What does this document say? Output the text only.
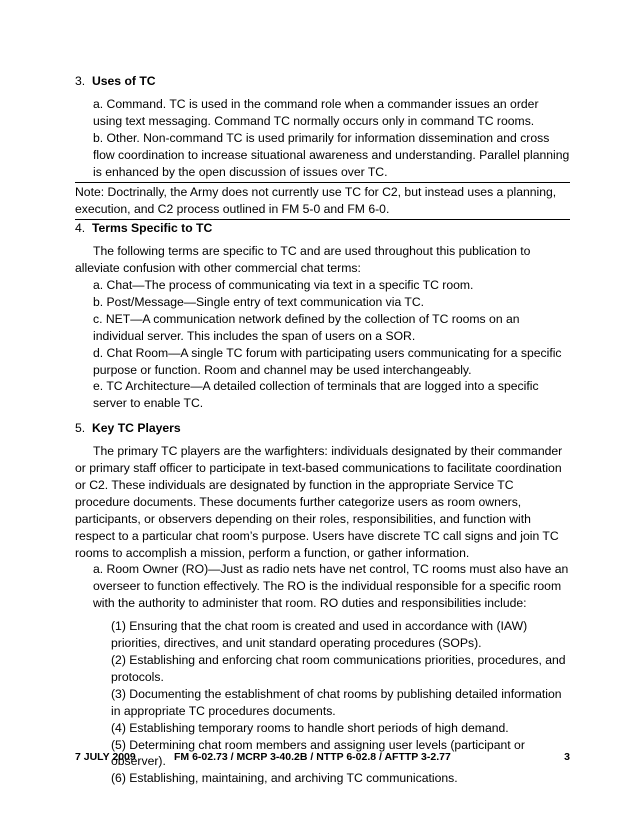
3. Uses of TC

a. Command. TC is used in the command role when a commander issues an order using text messaging. Command TC normally occurs only in command TC rooms.

b. Other. Non-command TC is used primarily for information dissemination and cross flow coordination to increase situational awareness and understanding. Parallel planning is enhanced by the open discussion of issues over TC.

Note: Doctrinally, the Army does not currently use TC for C2, but instead uses a planning, execution, and C2 process outlined in FM 5-0 and FM 6-0.

4. Terms Specific to TC

The following terms are specific to TC and are used throughout this publication to alleviate confusion with other commercial chat terms:

a. Chat—The process of communicating via text in a specific TC room.

b. Post/Message—Single entry of text communication via TC.

c. NET—A communication network defined by the collection of TC rooms on an individual server. This includes the span of users on a SOR.

d. Chat Room—A single TC forum with participating users communicating for a specific purpose or function. Room and channel may be used interchangeably.

e. TC Architecture—A detailed collection of terminals that are logged into a specific server to enable TC.

5. Key TC Players

The primary TC players are the warfighters: individuals designated by their commander or primary staff officer to participate in text-based communications to facilitate coordination or C2. These individuals are designated by function in the appropriate Service TC procedure documents. These documents further categorize users as room owners, participants, or observers depending on their roles, responsibilities, and function with respect to a particular chat room’s purpose. Users have discrete TC call signs and join TC rooms to accomplish a mission, perform a function, or gather information.

a. Room Owner (RO)—Just as radio nets have net control, TC rooms must also have an overseer to function effectively. The RO is the individual responsible for a specific room with the authority to administer that room. RO duties and responsibilities include:

(1) Ensuring that the chat room is created and used in accordance with (IAW) priorities, directives, and unit standard operating procedures (SOPs).

(2) Establishing and enforcing chat room communications priorities, procedures, and protocols.

(3) Documenting the establishment of chat rooms by publishing detailed information in appropriate TC procedures documents.

(4) Establishing temporary rooms to handle short periods of high demand.

(5) Determining chat room members and assigning user levels (participant or observer).

(6) Establishing, maintaining, and archiving TC communications.

7 JULY 2009	FM 6-02.73 / MCRP 3-40.2B / NTTP 6-02.8 / AFTTP 3-2.77	3
